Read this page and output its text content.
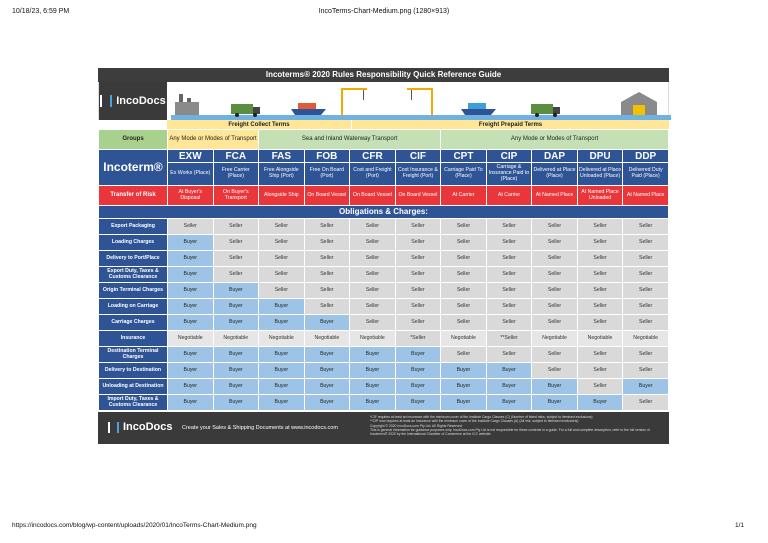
10/18/23, 6:59 PM	IncoTerms-Chart-Medium.png (1280×913)
Incoterms® 2020 Rules Responsibility Quick Reference Guide
IncoDocs
Freight Collect Terms	Freight Prepaid Terms
Groups	Any Mode or Modes of Transport		Sea and Inland Waterway Transport				Any Mode or Modes of Transport				
Incoterm®	EXW	FCA	FAS	FOB	CFR	CIF	CPT	CIP	DAP	DPU	DDP
	Ex Works (Place)	Free Carrier (Place)	Free Alongside Ship (Port)	Free On Board (Port)	Cost and Freight (Port)	Cost Insurance & Freight (Port)	Carriage Paid To (Place)	Carriage & Insurance Paid to (Place)	Delivered at Place (Place)	Delivered at Place Unloaded (Place)	Delivered Duty Paid (Place)
Transfer of Risk	At Buyer's Disposal	On Buyer's Transport	Alongside Ship	On Board Vessel	On Board Vessel	On Board Vessel	At Carrier	At Carrier	At Named Place	At Named Place Unloaded	At Named Place
Obligations & Charges:											
Export Packaging	Seller	Seller	Seller	Seller	Seller	Seller	Seller	Seller	Seller	Seller	Seller
Loading Charges	Buyer	Seller	Seller	Seller	Seller	Seller	Seller	Seller	Seller	Seller	Seller
Delivery to Port/Place	Buyer	Seller	Seller	Seller	Seller	Seller	Seller	Seller	Seller	Seller	Seller
Export Duty, Taxes & Customs Clearance	Buyer	Seller	Seller	Seller	Seller	Seller	Seller	Seller	Seller	Seller	Seller
Origin Terminal Charges	Buyer	Buyer	Seller	Seller	Seller	Seller	Seller	Seller	Seller	Seller	Seller
Loading on Carriage	Buyer	Buyer	Buyer	Seller	Seller	Seller	Seller	Seller	Seller	Seller	Seller
Carriage Charges	Buyer	Buyer	Buyer	Buyer	Seller	Seller	Seller	Seller	Seller	Seller	Seller
Insurance	Negotiable	Negotiable	Negotiable	Negotiable	Negotiable	*Seller	Negotiable	**Seller	Negotiable	Negotiable	Negotiable
Destination Terminal Charges	Buyer	Buyer	Buyer	Buyer	Buyer	Buyer	Seller	Seller	Seller	Seller	Seller
Delivery to Destination	Buyer	Buyer	Buyer	Buyer	Buyer	Buyer	Buyer	Buyer	Seller	Seller	Seller
Unloading at Destination	Buyer	Buyer	Buyer	Buyer	Buyer	Buyer	Buyer	Buyer	Buyer	Seller	Buyer
Import Duty, Taxes & Customs Clearance	Buyer	Buyer	Buyer	Buyer	Buyer	Buyer	Buyer	Buyer	Buyer	Buyer	Seller
IncoDocs Create your Sales & Shipping Documents at www.incodocs.com
*CIF requires at least an insurance with the minimum cover of the Institute Cargo Clauses (C) (Number of listed risks, subject to itemised exclusions)
**CIP now requires at least an insurance with the minimum cover of the Institute Cargo Clauses (A) (All risk, subject to itemised exclusions)
Copyright © 2020 IncoDocs.com Pty Ltd. All Rights Reserved.
This is general information for guidance purposes only. IncoDocs.com Pty Ltd is not responsible for these contents in a guide. For a full and complete description, refer to the full version of Incoterms® 2020 by the International Chamber of Commerce at the ICC website.
https://incodocs.com/blog/wp-content/uploads/2020/01/IncoTerms-Chart-Medium.png	1/1
